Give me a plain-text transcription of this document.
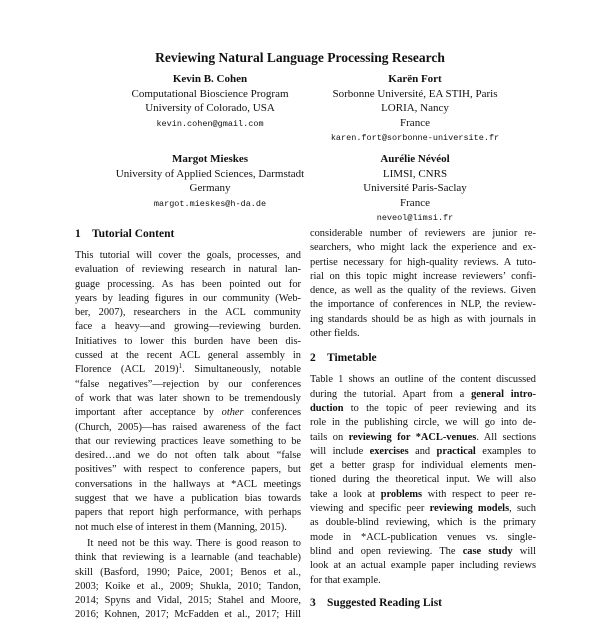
Reviewing Natural Language Processing Research
Kevin B. Cohen
Computational Bioscience Program
University of Colorado, USA
kevin.cohen@gmail.com
Karën Fort
Sorbonne Université, EA STIH, Paris
LORIA, Nancy
France
karen.fort@sorbonne-universite.fr
Margot Mieskes
University of Applied Sciences, Darmstadt
Germany
margot.mieskes@h-da.de
Aurélie Névéol
LIMSI, CNRS
Université Paris-Saclay
France
neveol@limsi.fr
1 Tutorial Content
This tutorial will cover the goals, processes, and
evaluation of reviewing research in natural lan-
guage processing. As has been pointed out for
years by leading figures in our community (Web-
ber, 2007), researchers in the ACL community
face a heavy—and growing—reviewing burden.
Initiatives to lower this burden have been dis-
cussed at the recent ACL general assembly in
Florence (ACL 2019)$^1$. Simultaneously, notable
“false negatives”—rejection by our conferences
of work that was later shown to be tremendously
important after acceptance by other conferences
(Church, 2005)—has raised awareness of the fact
that our reviewing practices leave something to be
desired…and we do not often talk about “false
positives” with respect to conference papers, but
conversations in the hallways at *ACL meetings
suggest that we have a publication bias towards
papers that report high performance, with perhaps
not much else of interest in them (Manning, 2015).
It need not be this way. There is good reason to
think that reviewing is a learnable (and teachable)
skill (Basford, 1990; Paice, 2001; Benos et al.,
2003; Koike et al., 2009; Shukla, 2010; Tandon,
2014; Spyns and Vidal, 2015; Stahel and Moore,
2016; Kohnen, 2017; McFadden et al., 2017; Hill
considerable number of reviewers are junior re-
searchers, who might lack the experience and ex-
pertise necessary for high-quality reviews. A tuto-
rial on this topic might increase reviewers’ confi-
dence, as well as the quality of the reviews. Given
the importance of conferences in NLP, the review-
ing standards should be as high as with journals in
other fields.
2 Timetable
Table 1 shows an outline of the content discussed
during the tutorial. Apart from a general intro-
duction to the topic of peer reviewing and its
role in the publishing circle, we will go into de-
tails on reviewing for *ACL-venues. All sections
will include exercises and practical examples to
get a better grasp for individual elements men-
tioned during the theoretical input. We will also
take a look at problems with respect to peer re-
viewing and specific peer reviewing models, such
as double-blind reviewing, which is the primary
mode in *ACL-publication venues vs. single-
blind and open reviewing. The case study will
look at an actual example paper including reviews
for that example.
3 Suggested Reading List
